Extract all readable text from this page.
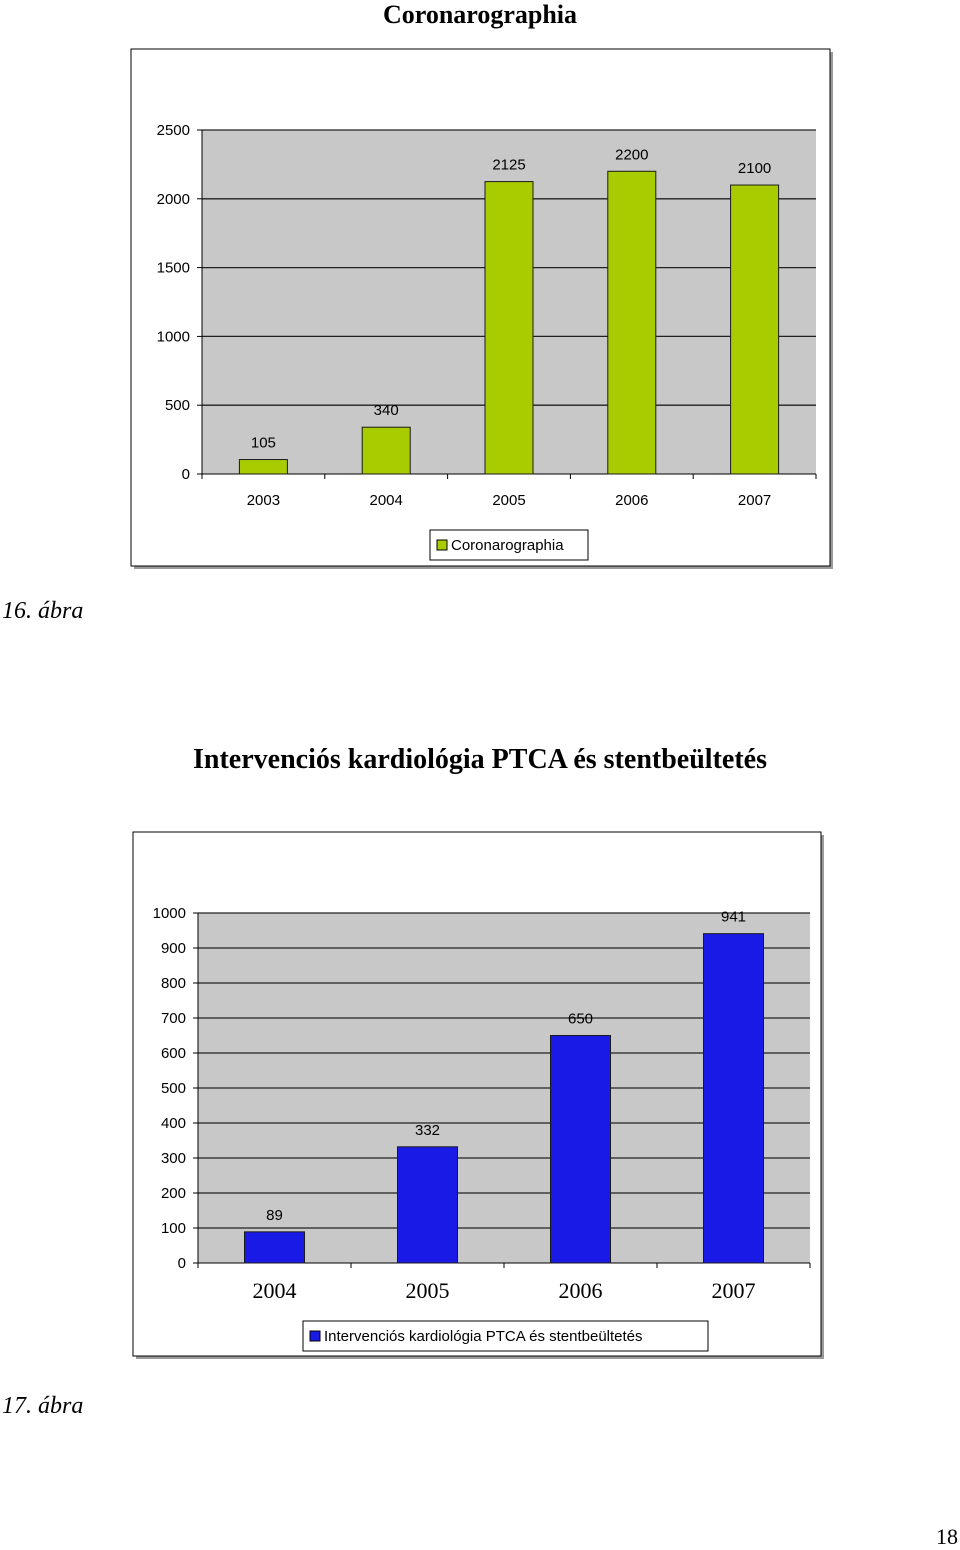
Coronarographia
16. ábra
Intervenciós kardiológia PTCA és stentbeültetés
17. ábra
18
0
500
1000
1500
2000
2500
105
2003
340
2004
2125
2005
2200
2006
2100
2007
Coronarographia
0
100
200
300
400
500
600
700
800
900
1000
89
2004
332
2005
650
2006
941
2007
Intervenciós kardiológia PTCA és stentbeültetés
